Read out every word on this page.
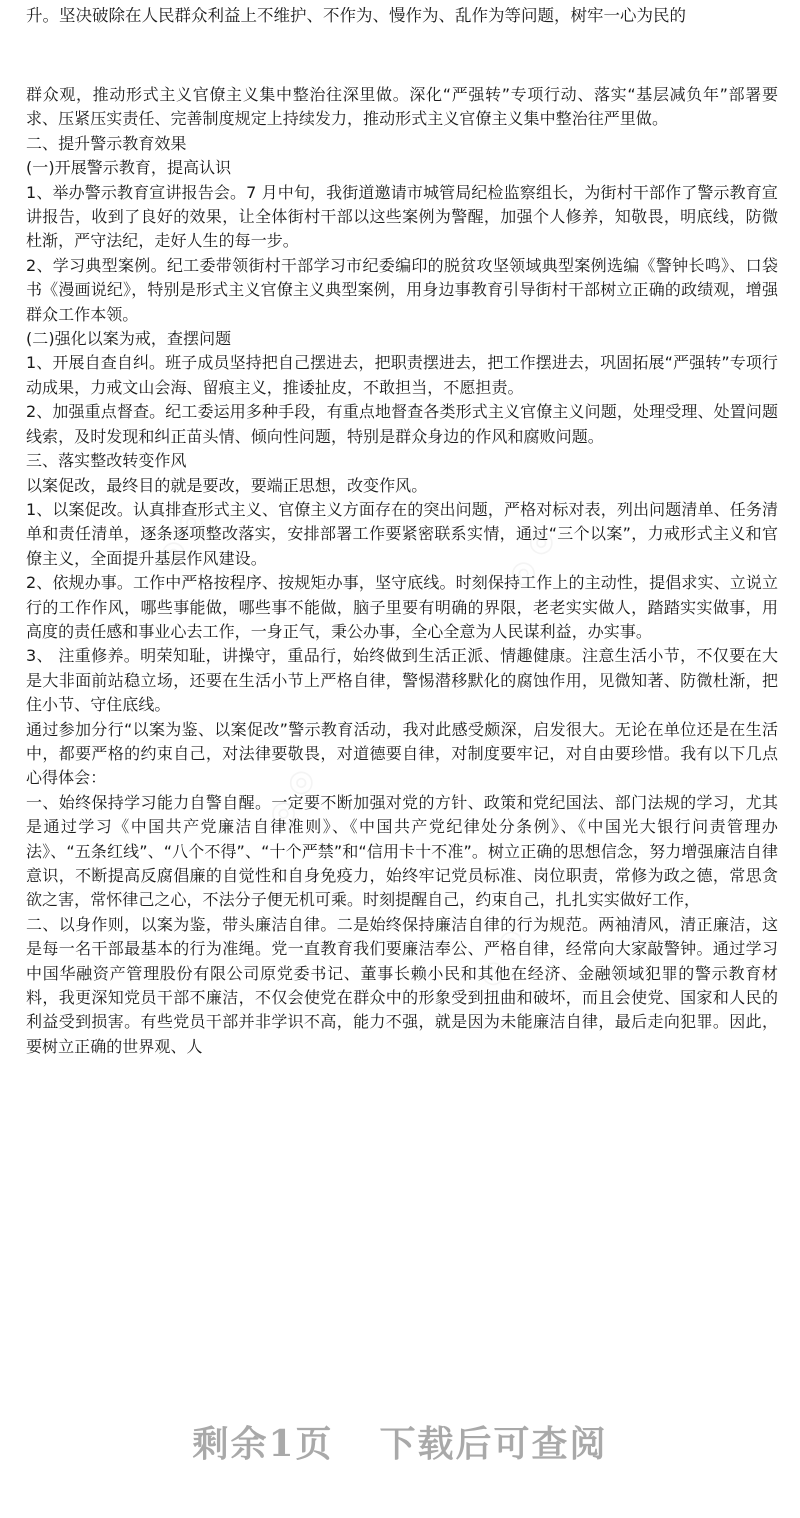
升。坚决破除在人民群众利益上不维护、不作为、慢作为、乱作为等问题，树牢一心为民的

群众观，推动形式主义官僚主义集中整治往深里做。深化“严强转”专项行动、落实“基层减负年”部署要求、压紧压实责任、完善制度规定上持续发力，推动形式主义官僚主义集中整治往严里做。

二、提升警示教育效果

(一)开展警示教育，提高认识

1、举办警示教育宣讲报告会。7 月中旬，我街道邀请市城管局纪检监察组长，为街村干部作了警示教育宣讲报告，收到了良好的效果，让全体街村干部以这些案例为警醒，加强个人修养，知敬畏，明底线，防微杜渐，严守法纪，走好人生的每一步。

2、学习典型案例。纪工委带领街村干部学习市纪委编印的脱贫攻坚领域典型案例选编《警钟长鸣》、口袋书《漫画说纪》，特别是形式主义官僚主义典型案例，用身边事教育引导街村干部树立正确的政绩观，增强群众工作本领。

(二)强化以案为戒，查摆问题

1、开展自查自纠。班子成员坚持把自己摆进去，把职责摆进去，把工作摆进去，巩固拓展“严强转”专项行动成果，力戒文山会海、留痕主义，推诿扯皮，不敢担当，不愿担责。

2、加强重点督查。纪工委运用多种手段，有重点地督查各类形式主义官僚主义问题，处理受理、处置问题线索，及时发现和纠正苗头情、倾向性问题，特别是群众身边的作风和腐败问题。

三、落实整改转变作风

以案促改，最终目的就是要改，要端正思想，改变作风。

1、以案促改。认真排查形式主义、官僚主义方面存在的突出问题，严格对标对表，列出问题清单、任务清单和责任清单，逐条逐项整改落实，安排部署工作要紧密联系实情，通过“三个以案”，力戒形式主义和官僚主义，全面提升基层作风建设。

2、依规办事。工作中严格按程序、按规矩办事，坚守底线。时刻保持工作上的主动性，提倡求实、立说立行的工作作风，哪些事能做，哪些事不能做，脑子里要有明确的界限，老老实实做人，踏踏实实做事，用高度的责任感和事业心去工作，一身正气，秉公办事，全心全意为人民谋利益，办实事。

3、 注重修养。明荣知耻，讲操守，重品行，始终做到生活正派、情趣健康。注意生活小节，不仅要在大是大非面前站稳立场，还要在生活小节上严格自律，警惕潜移默化的腐蚀作用，见微知著、防微杜渐，把住小节、守住底线。

通过参加分行“以案为鉴、以案促改”警示教育活动，我对此感受颇深，启发很大。无论在单位还是在生活中，都要严格的约束自己，对法律要敬畏，对道德要自律，对制度要牢记，对自由要珍惜。我有以下几点心得体会：

一、始终保持学习能力自警自醒。一定要不断加强对党的方针、政策和党纪国法、部门法规的学习，尤其是通过学习《中国共产党廉洁自律准则》、《中国共产党纪律处分条例》、《中国光大银行问责管理办法》、“五条红线”、“八个不得”、“十个严禁”和“信用卡十不准”。树立正确的思想信念，努力增强廉洁自律意识，不断提高反腐倡廉的自觉性和自身免疫力，始终牢记党员标准、岗位职责，常修为政之德，常思贪欲之害，常怀律己之心，不法分子便无机可乘。时刻提醒自己，约束自己，扎扎实实做好工作，

二、以身作则，以案为鉴，带头廉洁自律。二是始终保持廉洁自律的行为规范。两袖清风，清正廉洁，这是每一名干部最基本的行为准绳。党一直教育我们要廉洁奉公、严格自律，经常向大家敲警钟。通过学习中国华融资产管理股份有限公司原党委书记、董事长赖小民和其他在经济、金融领域犯罪的警示教育材料，我更深知党员干部不廉洁，不仅会使党在群众中的形象受到扭曲和破坏，而且会使党、国家和人民的利益受到损害。有些党员干部并非学识不高，能力不强，就是因为未能廉洁自律，最后走向犯罪。因此，要树立正确的世界观、人

剩余1页 下载后可查阅
